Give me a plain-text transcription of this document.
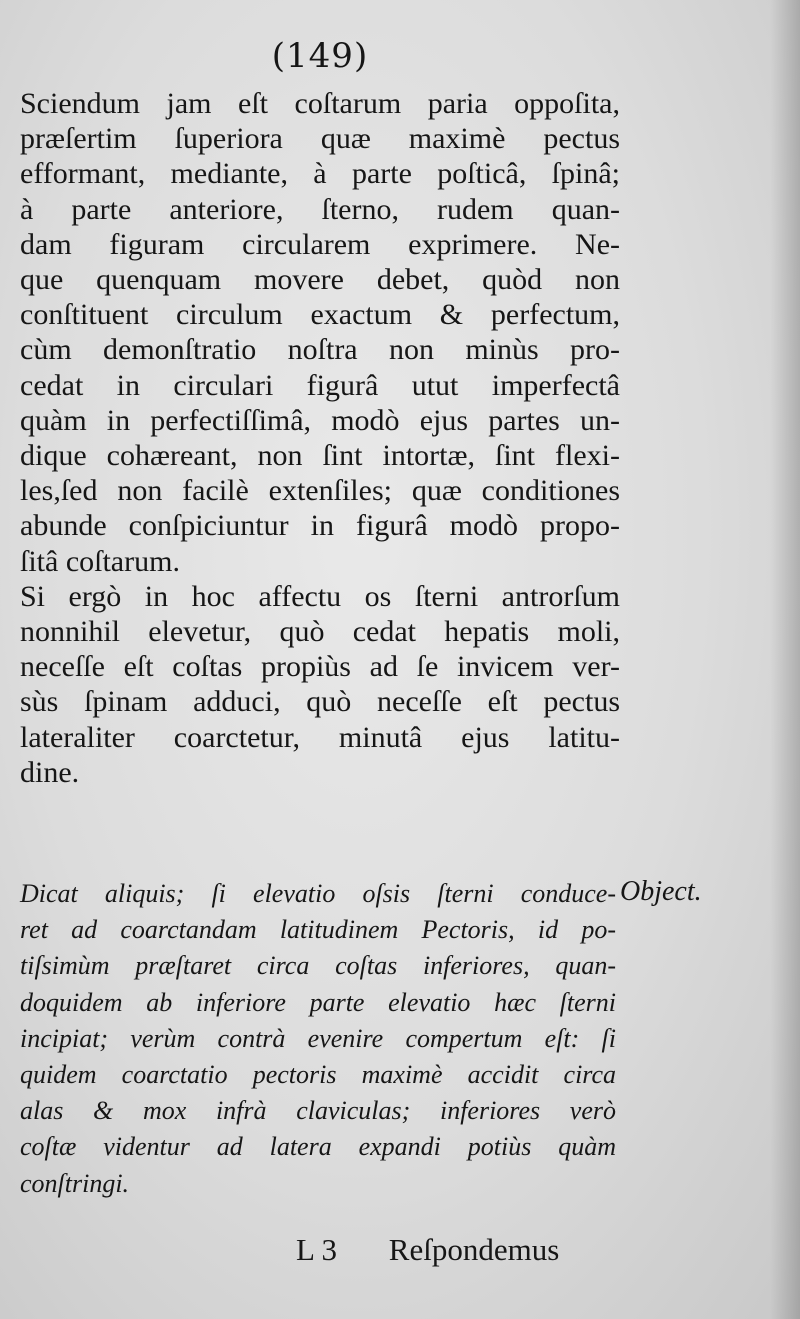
(149)
Sciendum jam eſt coſtarum paria oppoſita,
præſertim ſuperiora quæ maximè pectus
efformant, mediante, à parte poſticâ, ſpinâ;
à parte anteriore, ſterno, rudem quan-
dam figuram circularem exprimere. Ne-
que quenquam movere debet, quòd non
conſtituent circulum exactum & perfectum,
cùm demonſtratio noſtra non minùs pro-
cedat in circulari figurâ utut imperfectâ
quàm in perfectiſſimâ, modò ejus partes un-
dique cohæreant, non ſint intortæ, ſint flexi-
les,ſed non facilè extenſiles; quæ conditiones
abunde conſpiciuntur in figurâ modò propo-
ſitâ coſtarum.
Si ergò in hoc affectu os ſterni antrorſum
nonnihil elevetur, quò cedat hepatis moli,
neceſſe eſt coſtas propiùs ad ſe invicem ver-
sùs ſpinam adduci, quò neceſſe eſt pectus
lateraliter coarctetur, minutâ ejus latitu-
dine.
Object.
Dicat aliquis; ſi elevatio oſsis ſterni conduce-
ret ad coarctandam latitudinem Pectoris, id po-
tiſsimùm præſtaret circa coſtas inferiores, quan-
doquidem ab inferiore parte elevatio hæc ſterni
incipiat; verùm contrà evenire compertum eſt: ſi
quidem coarctatio pectoris maximè accidit circa
alas & mox infrà claviculas; inferiores verò
coſtæ videntur ad latera expandi potiùs quàm
conſtringi.
L 3 Reſpondemus
